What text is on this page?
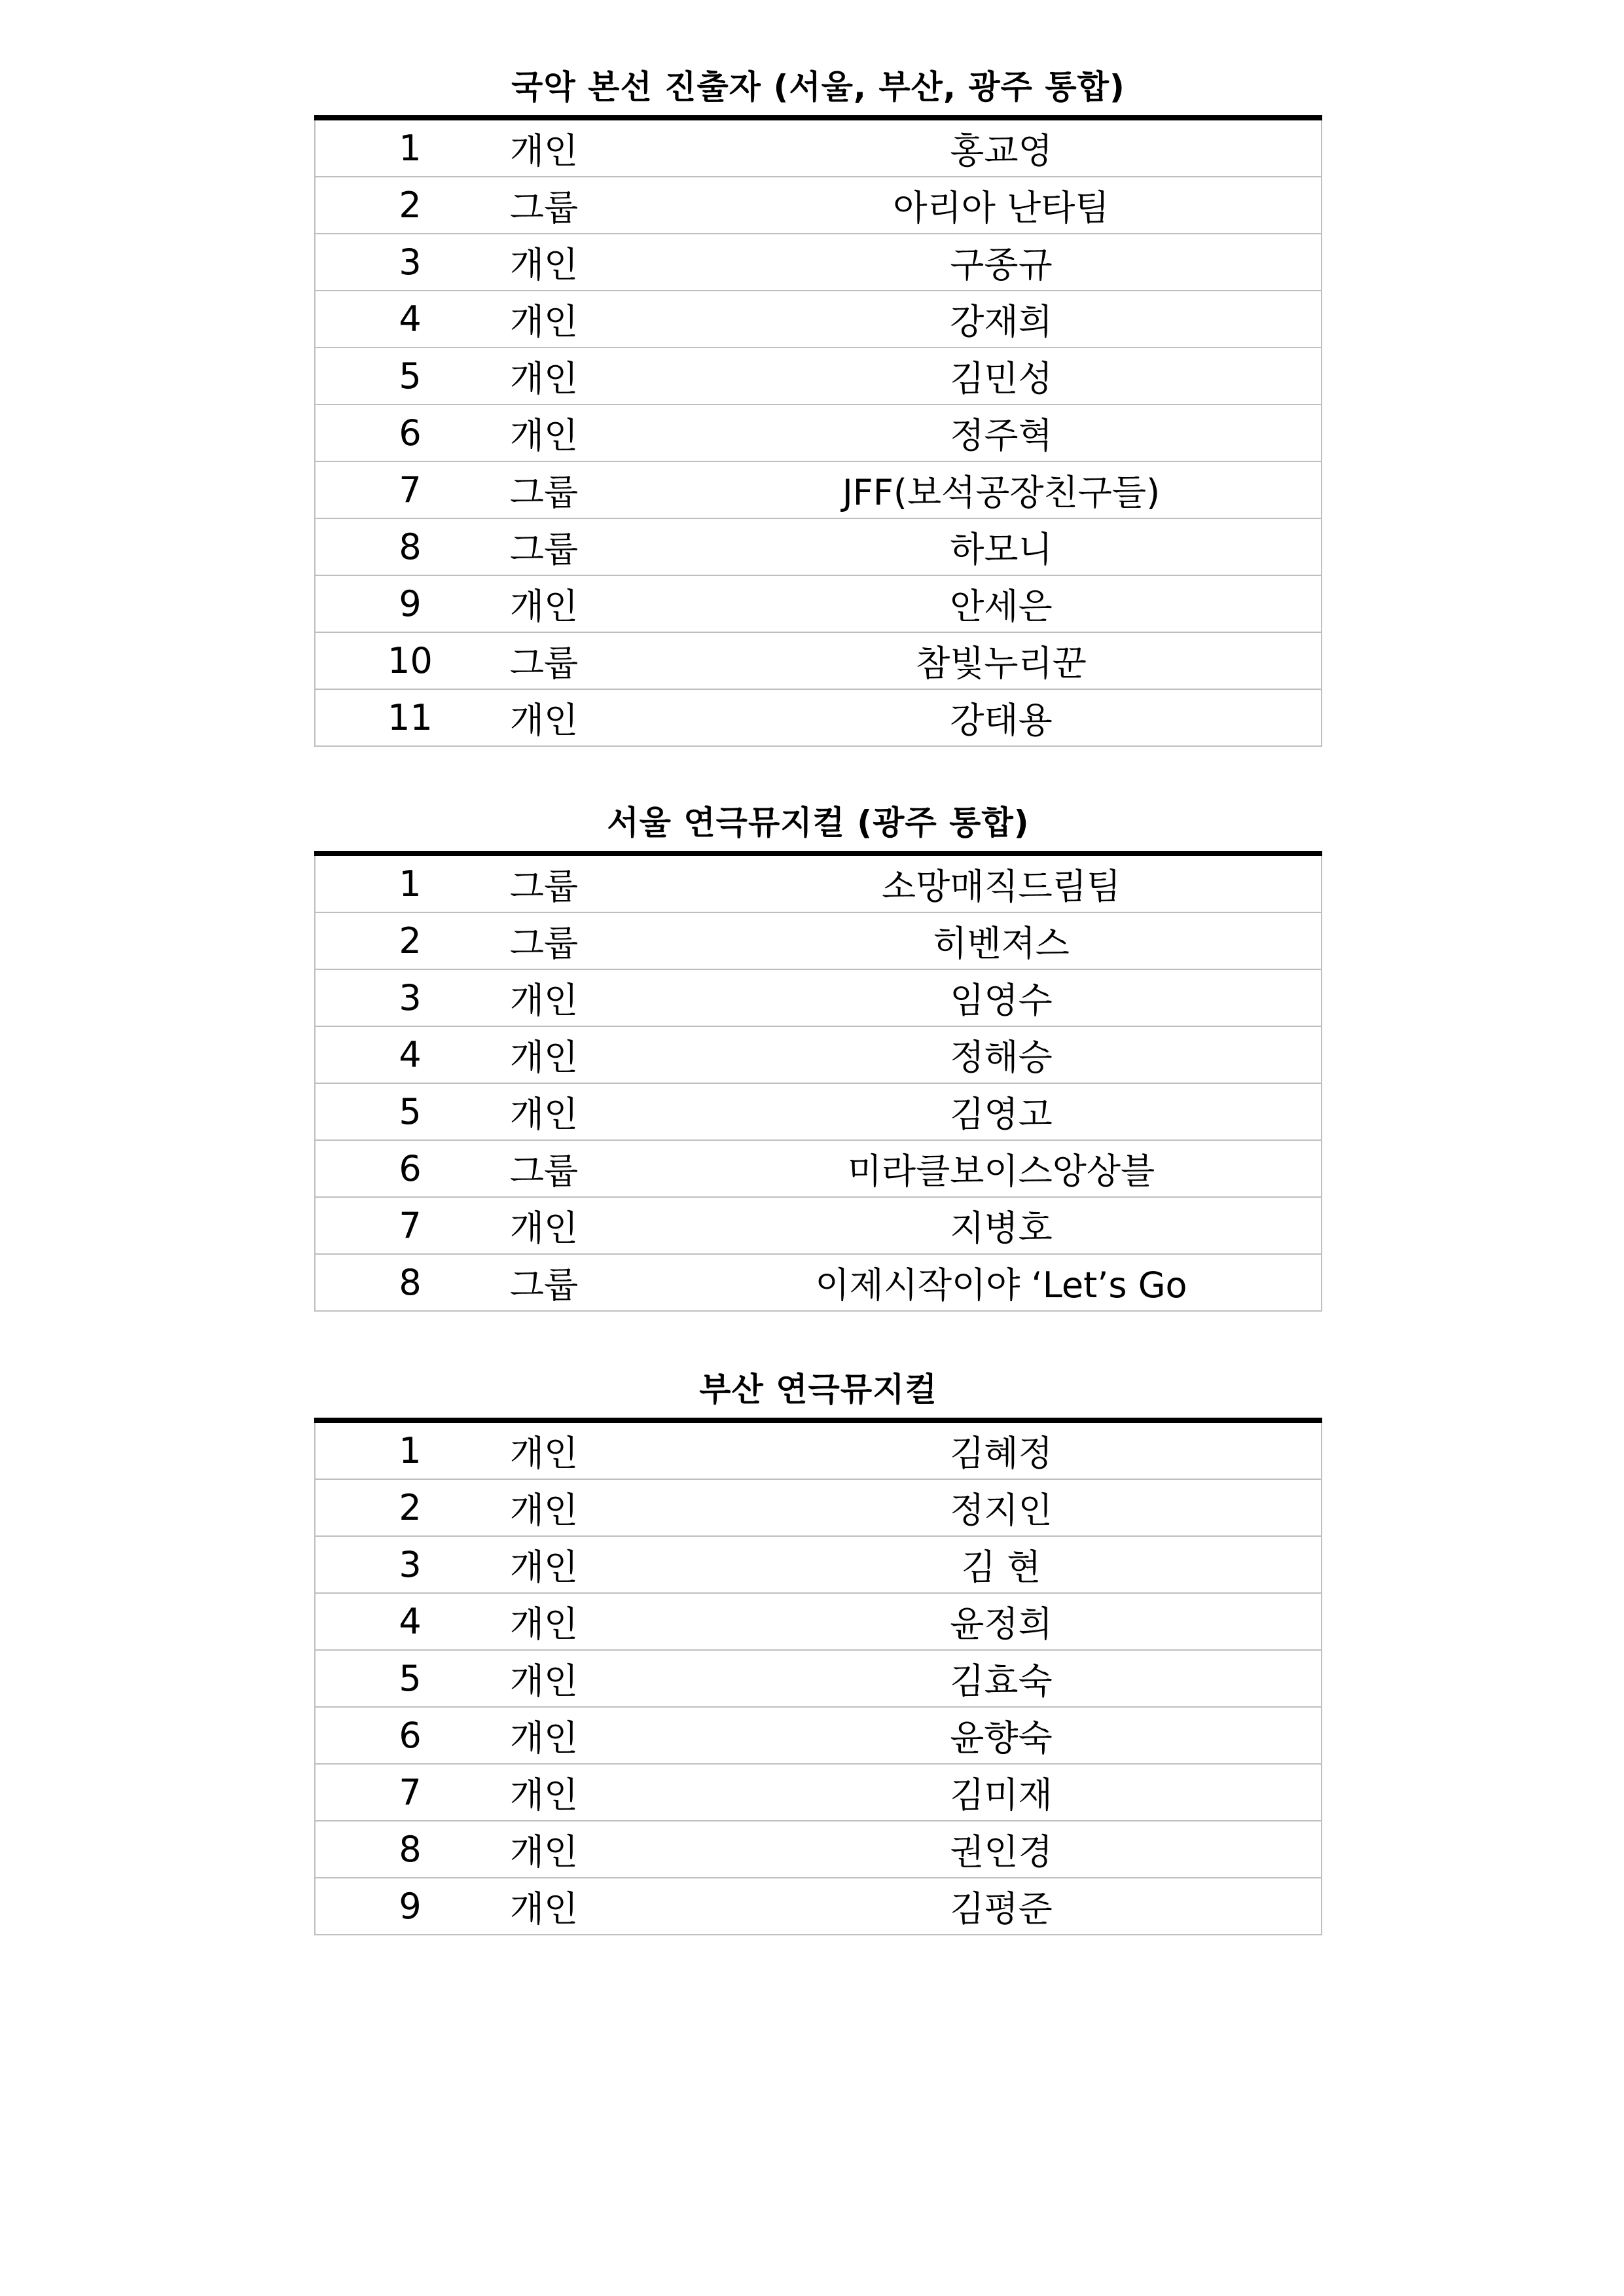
국악 본선 진출자 (서울, 부산, 광주 통합)
1	개인	홍교영
2	그룹	아리아 난타팀
3	개인	구종규
4	개인	강재희
5	개인	김민성
6	개인	정주혁
7	그룹	JFF(보석공장친구들)
8	그룹	하모니
9	개인	안세은
10	그룹	참빛누리꾼
11	개인	강태용
서울 연극뮤지컬 (광주 통합)
1	그룹	소망매직드림팀
2	그룹	히벤져스
3	개인	임영수
4	개인	정해승
5	개인	김영고
6	그룹	미라클보이스앙상블
7	개인	지병호
8	그룹	이제시작이야 ‘Let’s Go
부산 연극뮤지컬
1	개인	김혜정
2	개인	정지인
3	개인	김 현
4	개인	윤정희
5	개인	김효숙
6	개인	윤향숙
7	개인	김미재
8	개인	권인경
9	개인	김평준
